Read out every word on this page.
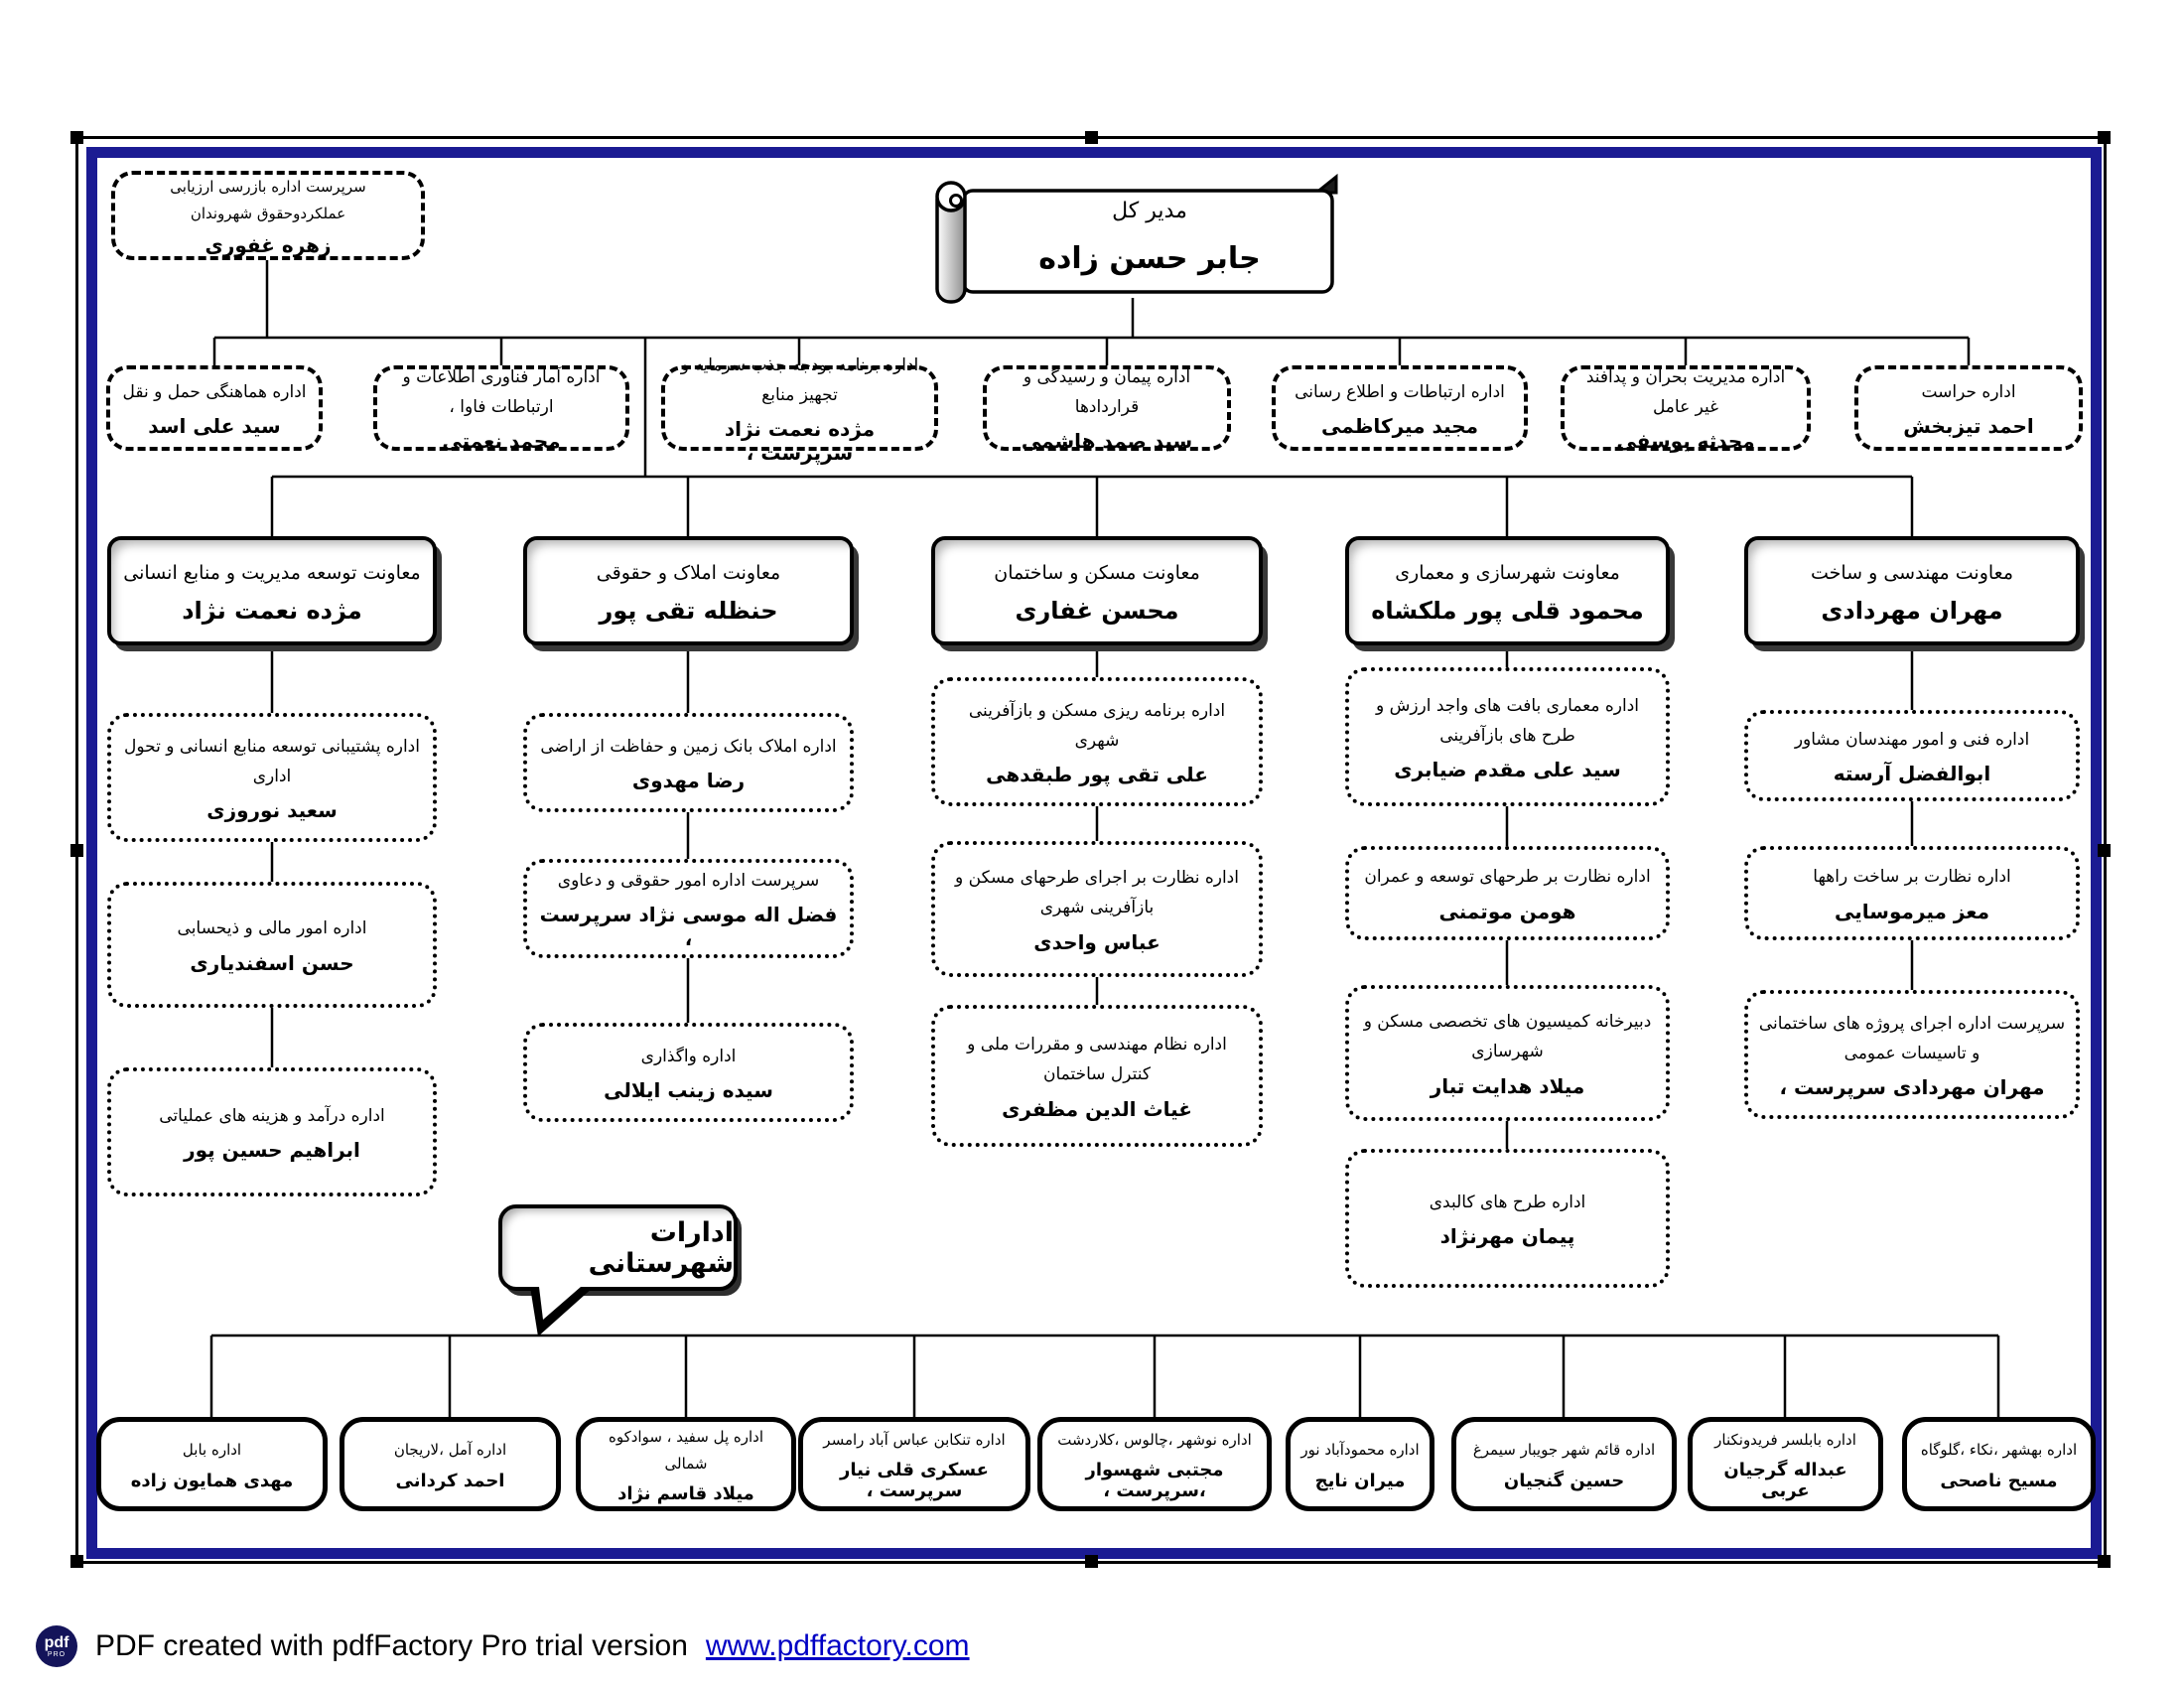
مدیر کل
جابر حسن زاده
سرپرست اداره بازرسی ارزیابی عملکردوحقوق شهروندان
زهره غفوری
اداره هماهنگی حمل و نقل
سید علی اسد
اداره آمار فناوری اطلاعات و ارتباطات فاوا ،
محمد نعمتی
اداره برنامه بودجه جذب سرمایه و تجهیز منابع
مژده نعمت نژاد سرپرست ،
اداره پیمان و رسیدگی و قراردادها
سید صمد هاشمی
اداره ارتباطات و اطلاع رسانی
مجید میرکاظمی
اداره مدیریت بحران و پدافند غیر عامل
محدثه یوسفی
اداره حراست
احمد تیزبخش
معاونت توسعه مدیریت و منابع انسانی
مژده نعمت نژاد
معاونت املاک و حقوقی
حنظله تقی پور
معاونت مسکن و ساختمان
محسن غفاری
معاونت شهرسازی و معماری
محمود قلی پور ملکشاه
معاونت مهندسی و ساخت
مهران مهردادی
اداره پشتیبانی توسعه منابع انسانی و تحول اداری
سعید نوروزی
اداره امور مالی و ذیحسابی
حسن اسفندیاری
اداره درآمد و هزینه های عملیاتی
ابراهیم حسین پور
اداره املاک بانک زمین و حفاظت از اراضی
رضا مهدوی
سرپرست اداره امور حقوقی و دعاوی
فضل اله موسی نژاد سرپرست ،
اداره واگذاری
سیده زینب ایلالی
اداره برنامه ریزی مسکن و بازآفرینی شهری
علی تقی پور طبقدهی
اداره نظارت بر اجرای طرحهای مسکن و بازآفرینی شهری
عباس واحدی
اداره نظام مهندسی و مقررات ملی و کنترل ساختمان
غیاث الدین مظفری
اداره معماری بافت های واجد ارزش و طرح های بازآفرینی
سید علی مقدم ضیابری
اداره نظارت بر طرحهای توسعه و عمران
هومن موتمنی
دبیرخانه کمیسیون های تخصصی مسکن و شهرسازی
میلاد هدایت تبار
اداره طرح های کالبدی
پیمان مهرنژاد
اداره فنی و امور مهندسان مشاور
ابوالفضل آرسته
اداره نظارت بر ساخت راهها
معز میرموسایی
سرپرست اداره اجرای پروژه های ساختمانی و تاسیسات عمومی
مهران مهردادی سرپرست ،
ادارات شهرستانی
اداره بابل
مهدی همایون زاده
اداره آمل ،لاریجان
احمد کردانی
اداره پل سفید ، سوادکوه شمالی
میلاد قاسم نژاد
اداره تنکابن عباس آباد رامسر
عسکری قلی نیار سرپرست ،
اداره نوشهر ،چالوس ،کلاردشت
مجتبی شهسوار ،سرپرست ،
اداره محمودآباد نور
میران نایج
اداره قائم شهر جویبار سیمرغ
حسین گنجیان
اداره بابلسر فریدونکنار
عبداله گرجیان عربی
اداره بهشهر ،نکاء ،گلوگاه
مسیح ناصحی
pdf
PRO PDF created with pdfFactory Pro trial version www.pdffactory.com
